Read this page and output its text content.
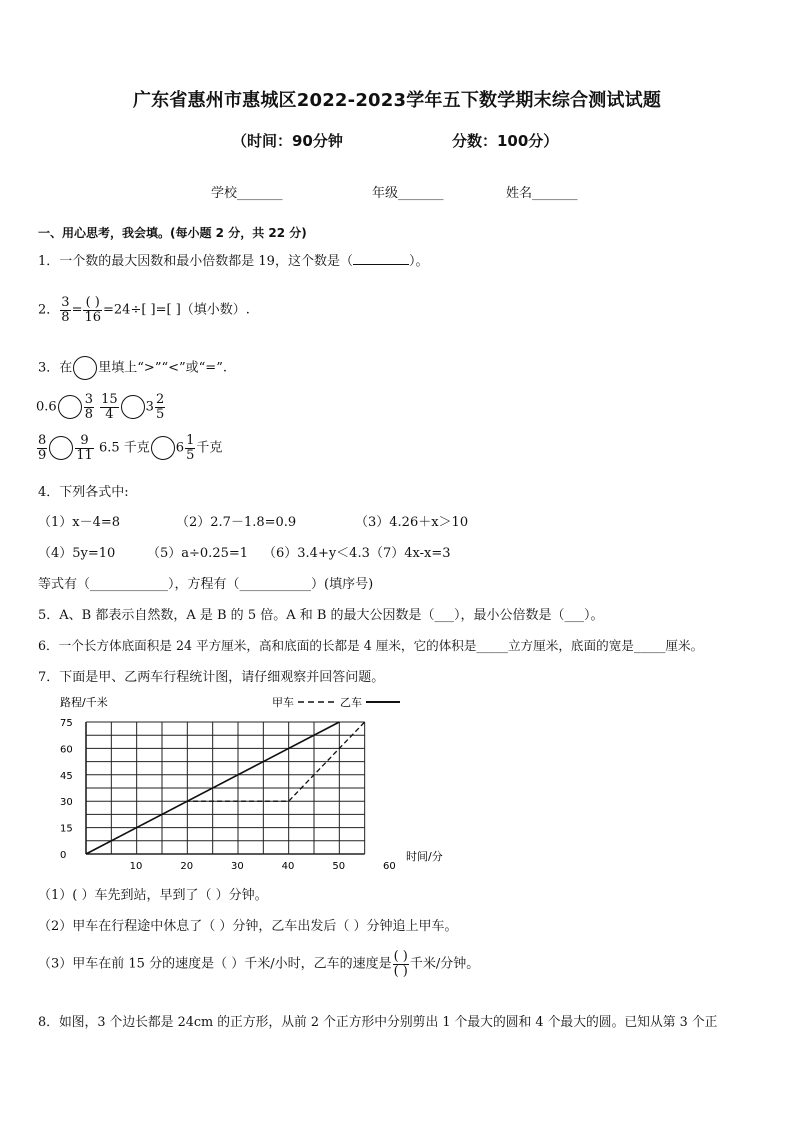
广东省惠州市惠城区2022-2023学年五下数学期末综合测试试题
（时间：90分钟	分数：100分）
学校_______	年级_______	姓名_______
一、用心思考，我会填。(每小题 2 分，共 22 分)
1．一个数的最大因数和最小倍数都是 19，这个数是（	）。
2． $\frac{3}{8} = \frac{( )}{16} =24\div$[ ]=[ ]（填小数）.
3．在 里填上“>”“<”或“=”.
$0.6 \frac{3}{8}$
$\frac{15}{4} 3 \frac{2}{5}$
$\frac{8}{9} \frac{9}{11} 6.5$ 千克 $6 \frac{1}{5}$ 千克
4．下列各式中:
（1）x－4=8	（2）2.7－1.8=0.9	（3）4.26＋x＞10
（4）5y=10 （5）a÷0.25=1 （6）3.4+y＜4.3 （7）4x-x=3
等式有（____________），方程有（___________）(填序号)
5．A、B 都表示自然数，A 是 B 的 5 倍。A 和 B 的最大公因数是（___），最小公倍数是（___）。
6．一个长方体底面积是 24 平方厘米，高和底面的长都是 4 厘米，它的体积是_____立方厘米，底面的宽是_____厘米。
7．下面是甲、乙两车行程统计图，请仔细观察并回答问题。
路程/千米
时间/分
甲车	乙车
0
15
30
45
60
75
10	20	30	40	50	60
（1）( ）车先到站，早到了（ ）分钟。
（2）甲车在行程途中休息了（ ）分钟，乙车出发后（ ）分钟追上甲车。
（3）甲车在前 15 分的速度是（ ）千米/小时，乙车的速度是 $\frac{( )}{( )}$ 千米/分钟。
8．如图，3 个边长都是 24cm 的正方形，从前 2 个正方形中分别剪出 1 个最大的圆和 4 个最大的圆。已知从第 3 个正
